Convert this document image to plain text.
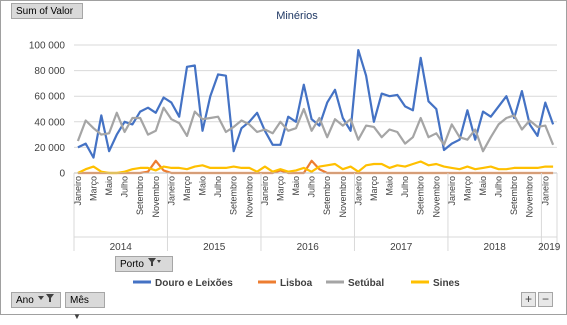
Minérios
0
20 000
40 000
60 000
80 000
100 000
Janeiro Março Maio Julho Setembro Novembro Janeiro Março Maio Julho Setembro Novembro Janeiro Março Maio Julho Setembro Novembro Janeiro Março Maio Julho Setembro Novembro Janeiro Março Maio Julho Setembro Novembro Janeiro
2014	2015	2016	2017	2018	2019
Douro e Leixões	Lisboa	Setúbal	Sines
Sum of Valor
Porto
Ano	Mês ▼
+ −
